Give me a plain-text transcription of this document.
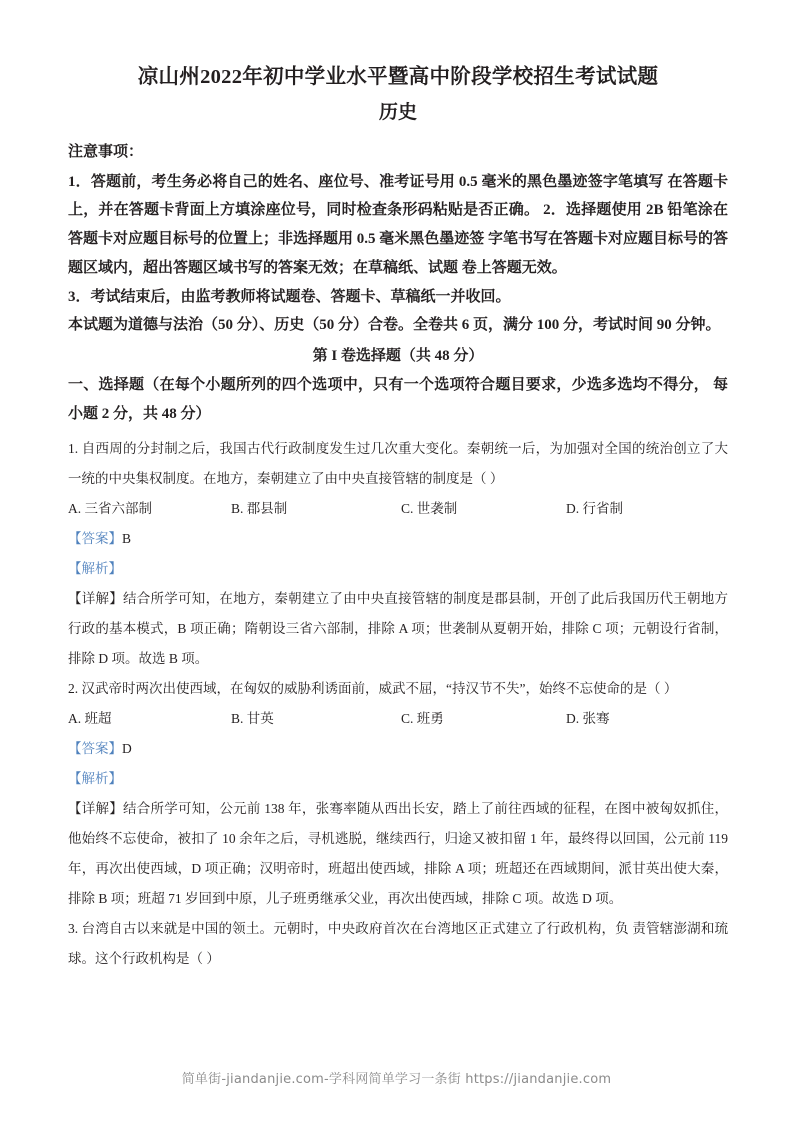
凉山州2022年初中学业水平暨高中阶段学校招生考试试题
历史
注意事项：
1．答题前，考生务必将自己的姓名、座位号、准考证号用 0.5 毫米的黑色墨迹签字笔填写 在答题卡上，并在答题卡背面上方填涂座位号，同时检查条形码粘贴是否正确。 2．选择题使用 2B 铅笔涂在答题卡对应题目标号的位置上；非选择题用 0.5 毫米黑色墨迹签 字笔书写在答题卡对应题目标号的答题区域内，超出答题区域书写的答案无效；在草稿纸、试题 卷上答题无效。
3．考试结束后，由监考教师将试题卷、答题卡、草稿纸一并收回。
本试题为道德与法治（50 分）、历史（50 分）合卷。全卷共 6 页，满分 100 分，考试时间 90 分钟。
第 I 卷选择题（共 48 分）
一、选择题（在每个小题所列的四个选项中，只有一个选项符合题目要求，少选多选均不得分， 每小题 2 分，共 48 分）
1. 自西周的分封制之后，我国古代行政制度发生过几次重大变化。秦朝统一后，为加强对全国的统治创立了大一统的中央集权制度。在地方，秦朝建立了由中央直接管辖的制度是（ ）
A. 三省六部制	B. 郡县制	C. 世袭制	D. 行省制
【答案】B
【解析】
【详解】结合所学可知，在地方，秦朝建立了由中央直接管辖的制度是郡县制，开创了此后我国历代王朝地方行政的基本模式，B 项正确；隋朝设三省六部制，排除 A 项；世袭制从夏朝开始，排除 C 项；元朝设行省制，排除 D 项。故选 B 项。
2. 汉武帝时两次出使西域，在匈奴的威胁利诱面前，威武不屈，“持汉节不失”，始终不忘使命的是（ ）
A. 班超	B. 甘英	C. 班勇	D. 张骞
【答案】D
【解析】
【详解】结合所学可知，公元前 138 年，张骞率随从西出长安，踏上了前往西域的征程，在图中被匈奴抓住，他始终不忘使命，被扣了 10 余年之后，寻机逃脱，继续西行，归途又被扣留 1 年，最终得以回国，公元前 119 年，再次出使西域，D 项正确；汉明帝时，班超出使西域，排除 A 项；班超还在西域期间，派甘英出使大秦，排除 B 项；班超 71 岁回到中原，儿子班勇继承父业，再次出使西域，排除 C 项。故选 D 项。
3. 台湾自古以来就是中国的领土。元朝时，中央政府首次在台湾地区正式建立了行政机构，负 责管辖澎湖和琉球。这个行政机构是（ ）
简单街-jiandanjie.com-学科网简单学习一条街 https://jiandanjie.com
